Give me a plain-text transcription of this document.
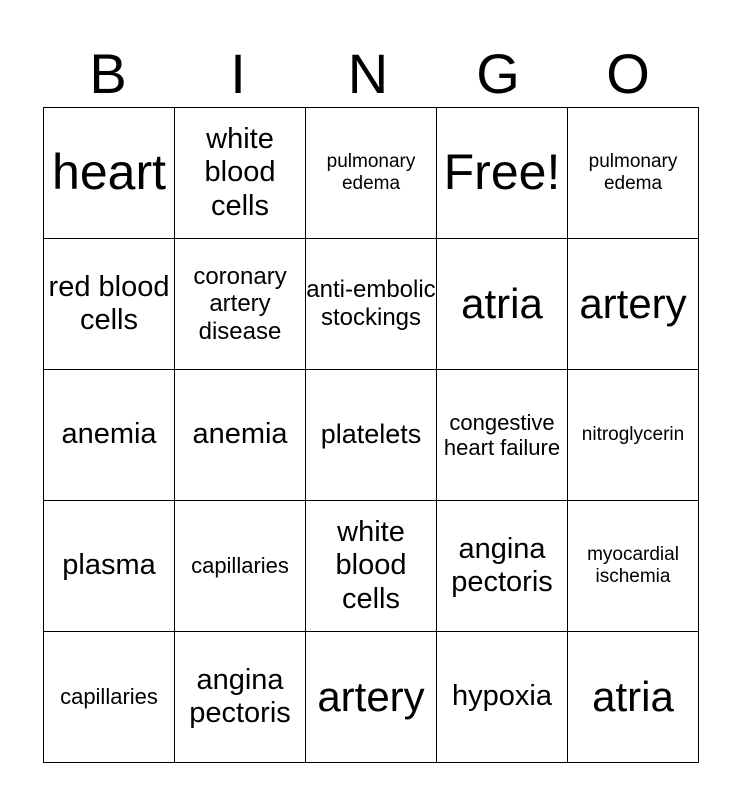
B	I	N	G	O
heart	white blood cells	pulmonary edema	Free!	pulmonary edema
red blood cells	coronary artery disease	anti-embolic stockings	atria	artery
anemia	anemia	platelets	congestive heart failure	nitroglycerin
plasma	capillaries	white blood cells	angina pectoris	myocardial ischemia
capillaries	angina pectoris	artery	hypoxia	atria
